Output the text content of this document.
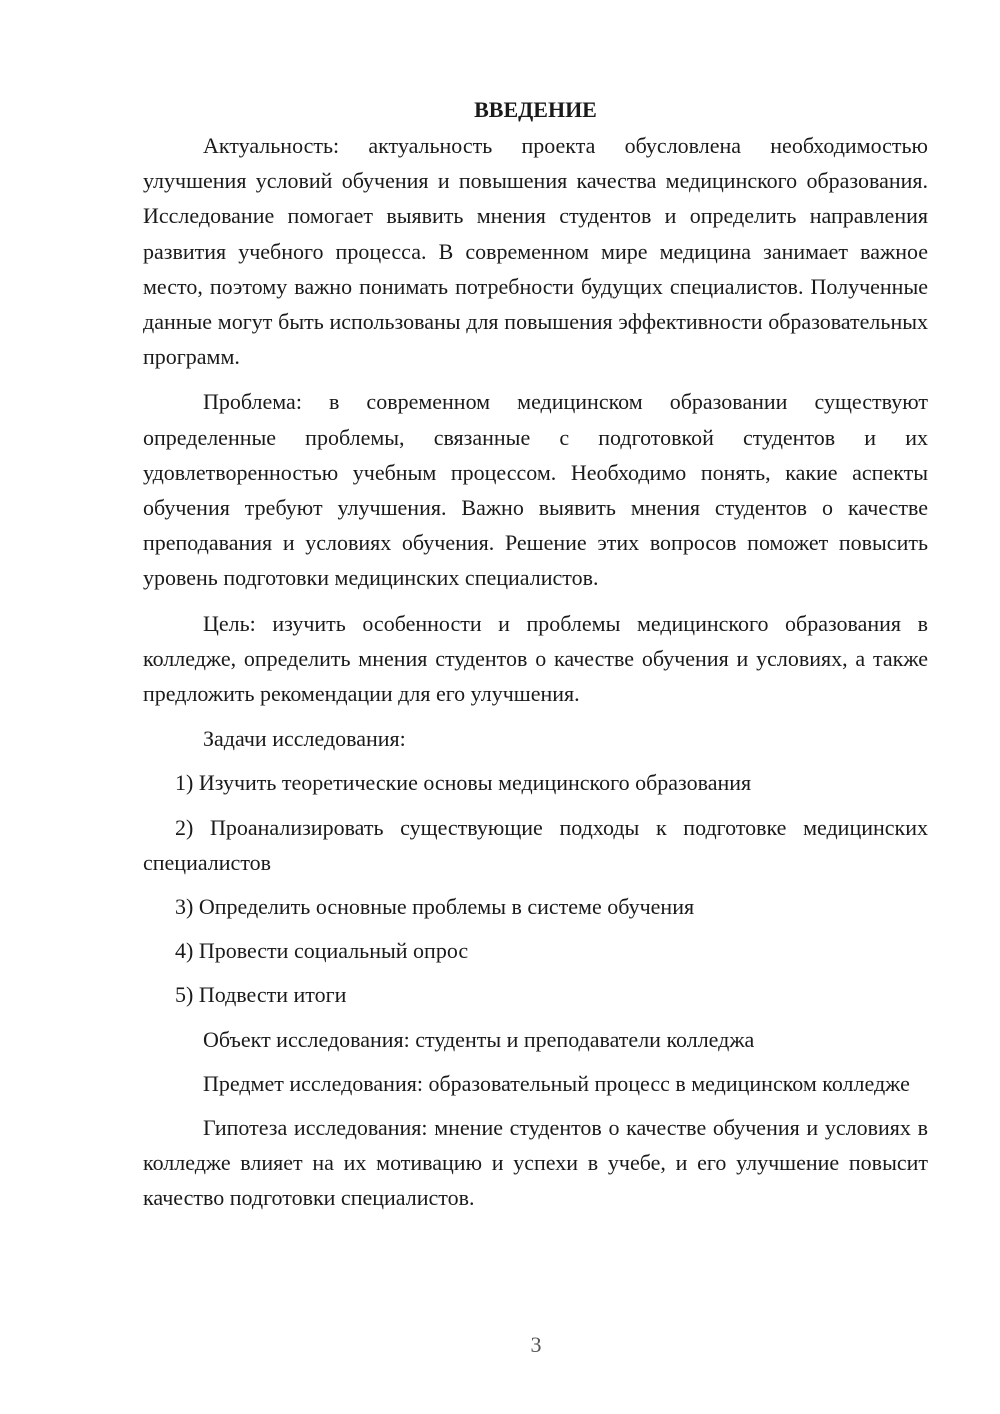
ВВЕДЕНИЕ

Актуальность: актуальность проекта обусловлена необходимостью улучшения условий обучения и повышения качества медицинского образования. Исследование помогает выявить мнения студентов и определить направления развития учебного процесса. В современном мире медицина занимает важное место, поэтому важно понимать потребности будущих специалистов. Полученные данные могут быть использованы для повышения эффективности образовательных программ.

Проблема: в современном медицинском образовании существуют определенные проблемы, связанные с подготовкой студентов и их удовлетворенностью учебным процессом. Необходимо понять, какие аспекты обучения требуют улучшения. Важно выявить мнения студентов о качестве преподавания и условиях обучения. Решение этих вопросов поможет повысить уровень подготовки медицинских специалистов.

Цель: изучить особенности и проблемы медицинского образования в колледже, определить мнения студентов о качестве обучения и условиях, а также предложить рекомендации для его улучшения.

Задачи исследования:

1) Изучить теоретические основы медицинского образования

2) Проанализировать существующие подходы к подготовке медицинских специалистов

3) Определить основные проблемы в системе обучения

4) Провести социальный опрос

5) Подвести итоги

Объект исследования: студенты и преподаватели колледжа

Предмет исследования: образовательный процесс в медицинском колледже

Гипотеза исследования: мнение студентов о качестве обучения и условиях в колледже влияет на их мотивацию и успехи в учебе, и его улучшение повысит качество подготовки специалистов.

3
